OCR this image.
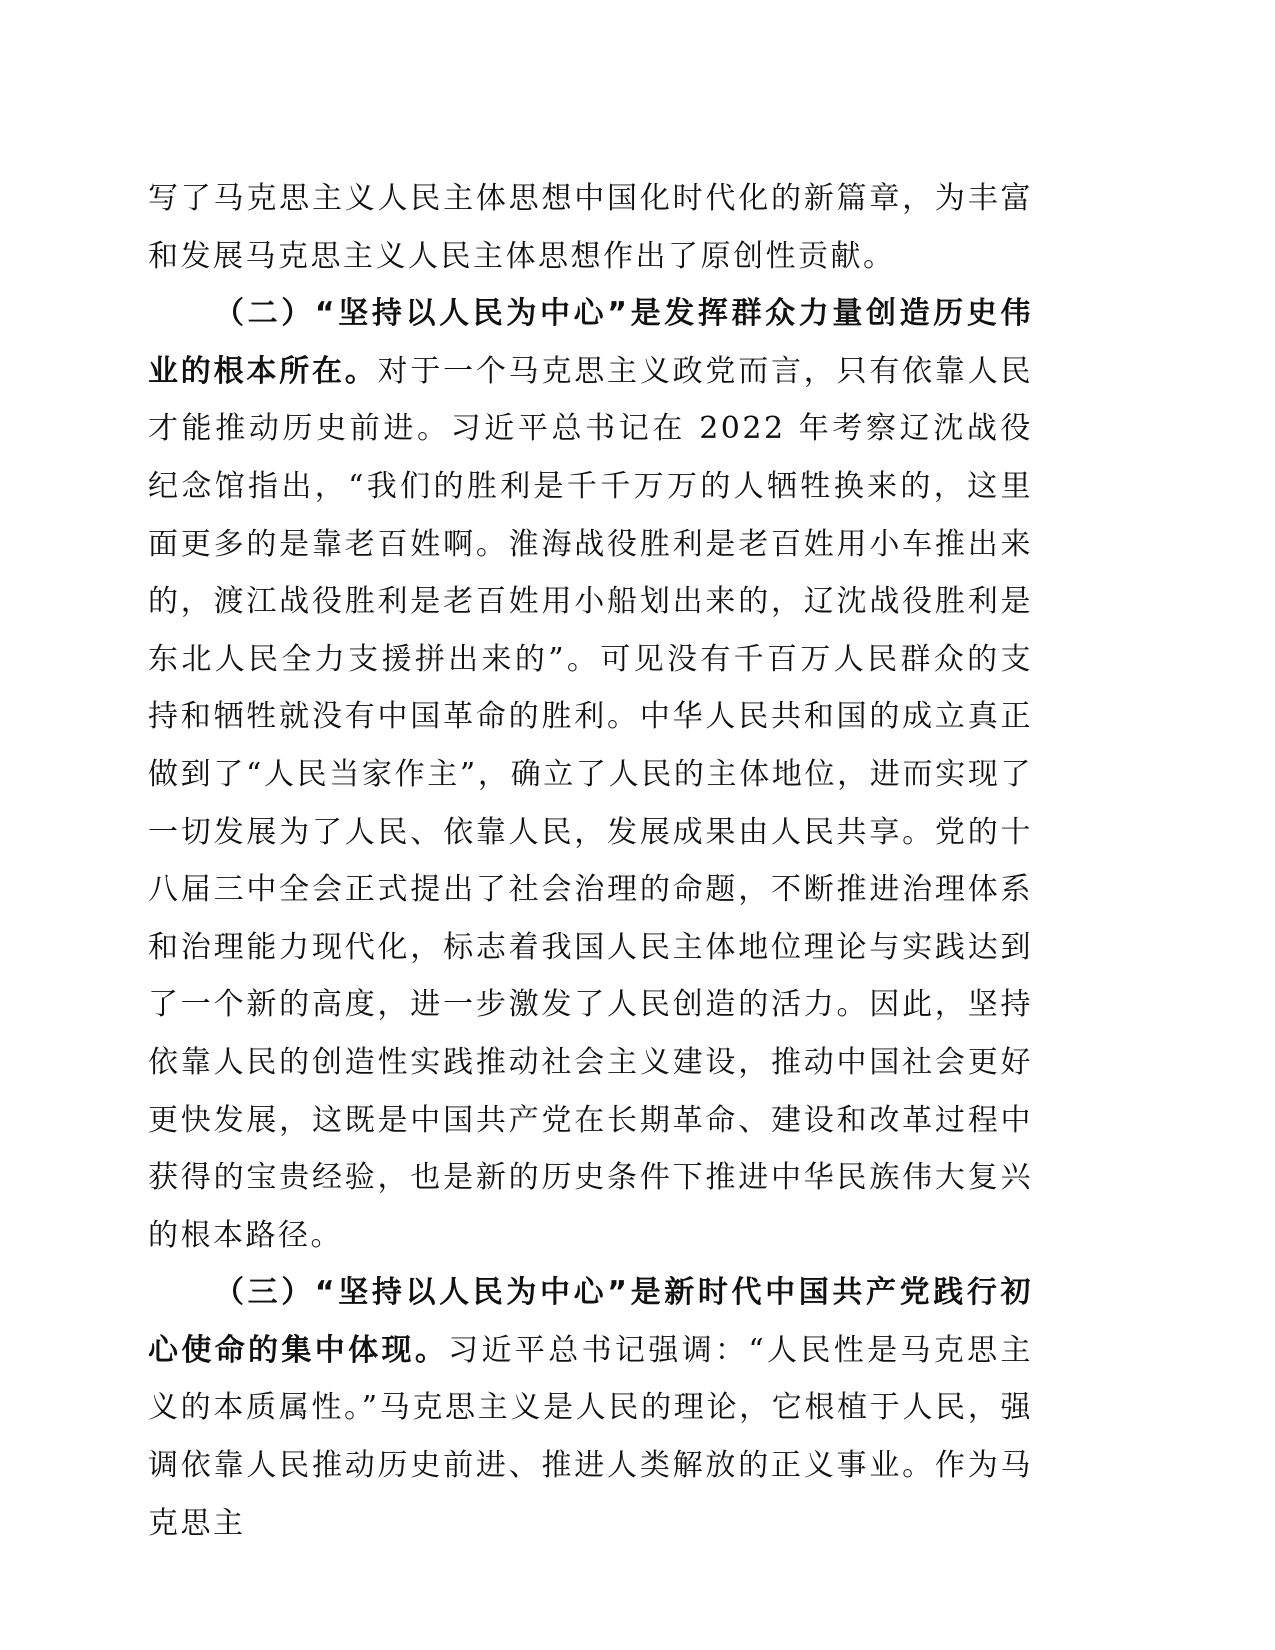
写了马克思主义人民主体思想中国化时代化的新篇章，为丰富和发展马克思主义人民主体思想作出了原创性贡献。

（二）“坚持以人民为中心”是发挥群众力量创造历史伟业的根本所在。对于一个马克思主义政党而言，只有依靠人民才能推动历史前进。习近平总书记在 2022 年考察辽沈战役纪念馆指出，“我们的胜利是千千万万的人牺牲换来的，这里面更多的是靠老百姓啊。淮海战役胜利是老百姓用小车推出来的，渡江战役胜利是老百姓用小船划出来的，辽沈战役胜利是东北人民全力支援拼出来的”。可见没有千百万人民群众的支持和牺牲就没有中国革命的胜利。中华人民共和国的成立真正做到了“人民当家作主”，确立了人民的主体地位，进而实现了一切发展为了人民、依靠人民，发展成果由人民共享。党的十八届三中全会正式提出了社会治理的命题，不断推进治理体系和治理能力现代化，标志着我国人民主体地位理论与实践达到了一个新的高度，进一步激发了人民创造的活力。因此，坚持依靠人民的创造性实践推动社会主义建设，推动中国社会更好更快发展，这既是中国共产党在长期革命、建设和改革过程中获得的宝贵经验，也是新的历史条件下推进中华民族伟大复兴的根本路径。

（三）“坚持以人民为中心”是新时代中国共产党践行初心使命的集中体现。习近平总书记强调：“人民性是马克思主义的本质属性。”马克思主义是人民的理论，它根植于人民，强调依靠人民推动历史前进、推进人类解放的正义事业。作为马克思主
